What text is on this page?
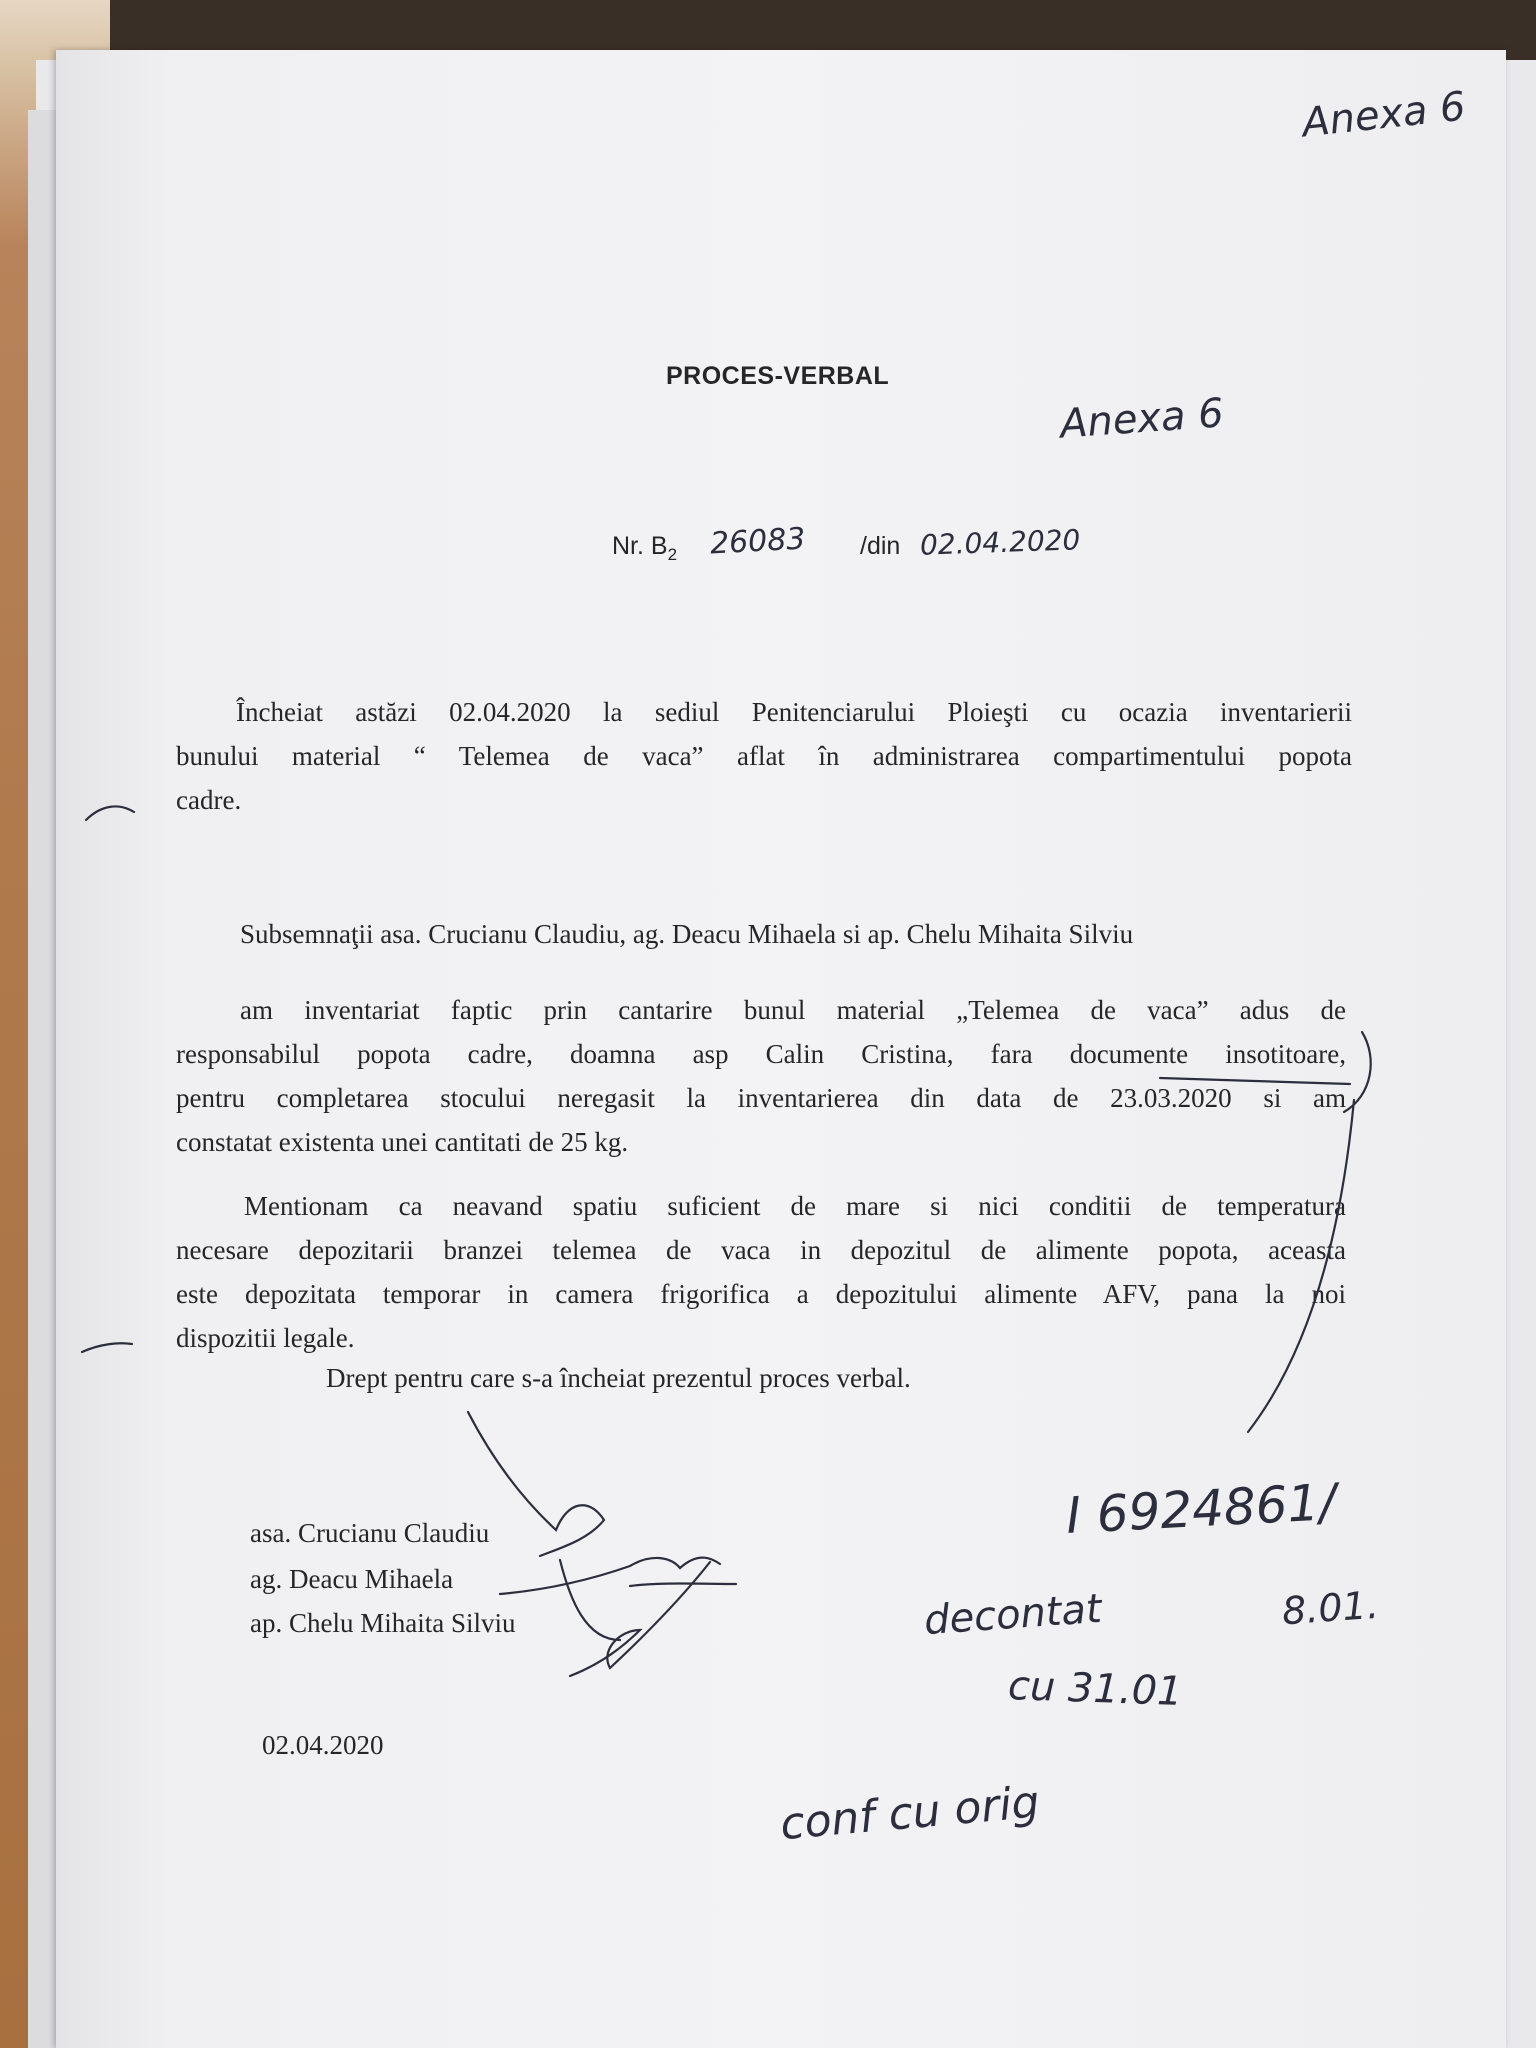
Anexa 6
PROCES-VERBAL
Anexa 6
Nr. $B_2$ 26083 /din 02.04.2020
Încheiat astăzi 02.04.2020 la sediul Penitenciarului Ploieşti cu ocazia inventarierii
bunului material “ Telemea de vaca” aflat în administrarea compartimentului popota
cadre.
Subsemnaţii asa. Crucianu Claudiu, ag. Deacu Mihaela si ap. Chelu Mihaita Silviu
am inventariat faptic prin cantarire bunul material „Telemea de vaca” adus de
responsabilul popota cadre, doamna asp Calin Cristina, fara documente insotitoare,
pentru completarea stocului neregasit la inventarierea din data de 23.03.2020 si am
constatat existenta unei cantitati de 25 kg.
Mentionam ca neavand spatiu suficient de mare si nici conditii de temperatura
necesare depozitarii branzei telemea de vaca in depozitul de alimente popota, aceasta
este depozitata temporar in camera frigorifica a depozitului alimente AFV, pana la noi
dispozitii legale.
Drept pentru care s-a încheiat prezentul proces verbal.
asa. Crucianu Claudiu
ag. Deacu Mihaela
ap. Chelu Mihaita Silviu
02.04.2020
I 6924861/
decontat	8.01.
cu 31.01
conf cu orig
